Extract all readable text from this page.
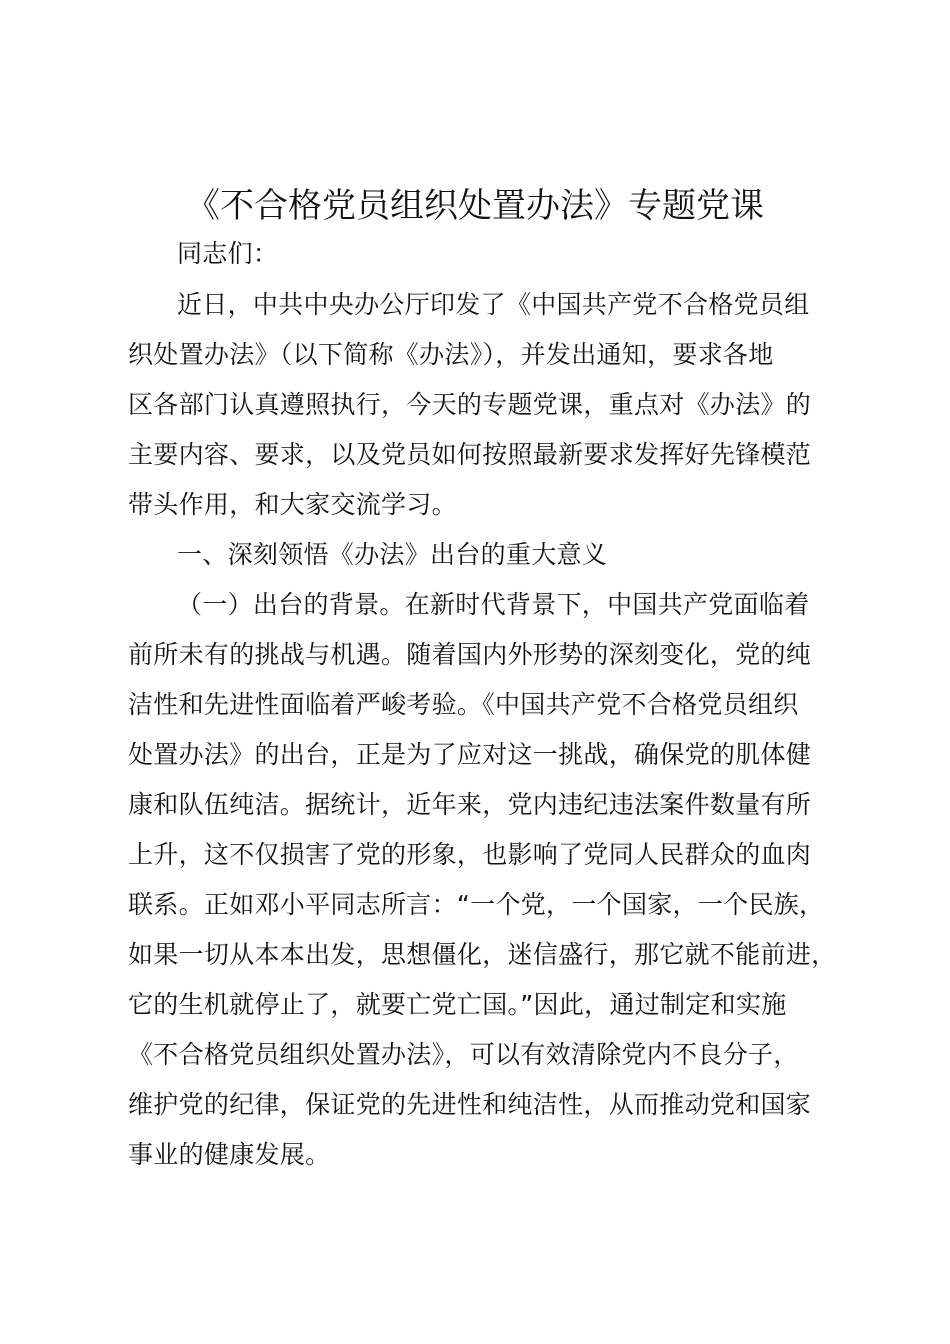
《不合格党员组织处置办法》专题党课
同志们：
近日，中共中央办公厅印发了《中国共产党不合格党员组
织处置办法》（以下简称《办法》），并发出通知，要求各地
区各部门认真遵照执行，今天的专题党课，重点对《办法》的
主要内容、要求，以及党员如何按照最新要求发挥好先锋模范
带头作用，和大家交流学习。
一、深刻领悟《办法》出台的重大意义
（一）出台的背景。在新时代背景下，中国共产党面临着
前所未有的挑战与机遇。随着国内外形势的深刻变化，党的纯
洁性和先进性面临着严峻考验。《中国共产党不合格党员组织
处置办法》的出台，正是为了应对这一挑战，确保党的肌体健
康和队伍纯洁。据统计，近年来，党内违纪违法案件数量有所
上升，这不仅损害了党的形象，也影响了党同人民群众的血肉
联系。正如邓小平同志所言：“一个党，一个国家，一个民族，
如果一切从本本出发，思想僵化，迷信盛行，那它就不能前进，
它的生机就停止了，就要亡党亡国。”因此，通过制定和实施
《不合格党员组织处置办法》，可以有效清除党内不良分子，
维护党的纪律，保证党的先进性和纯洁性，从而推动党和国家
事业的健康发展。
